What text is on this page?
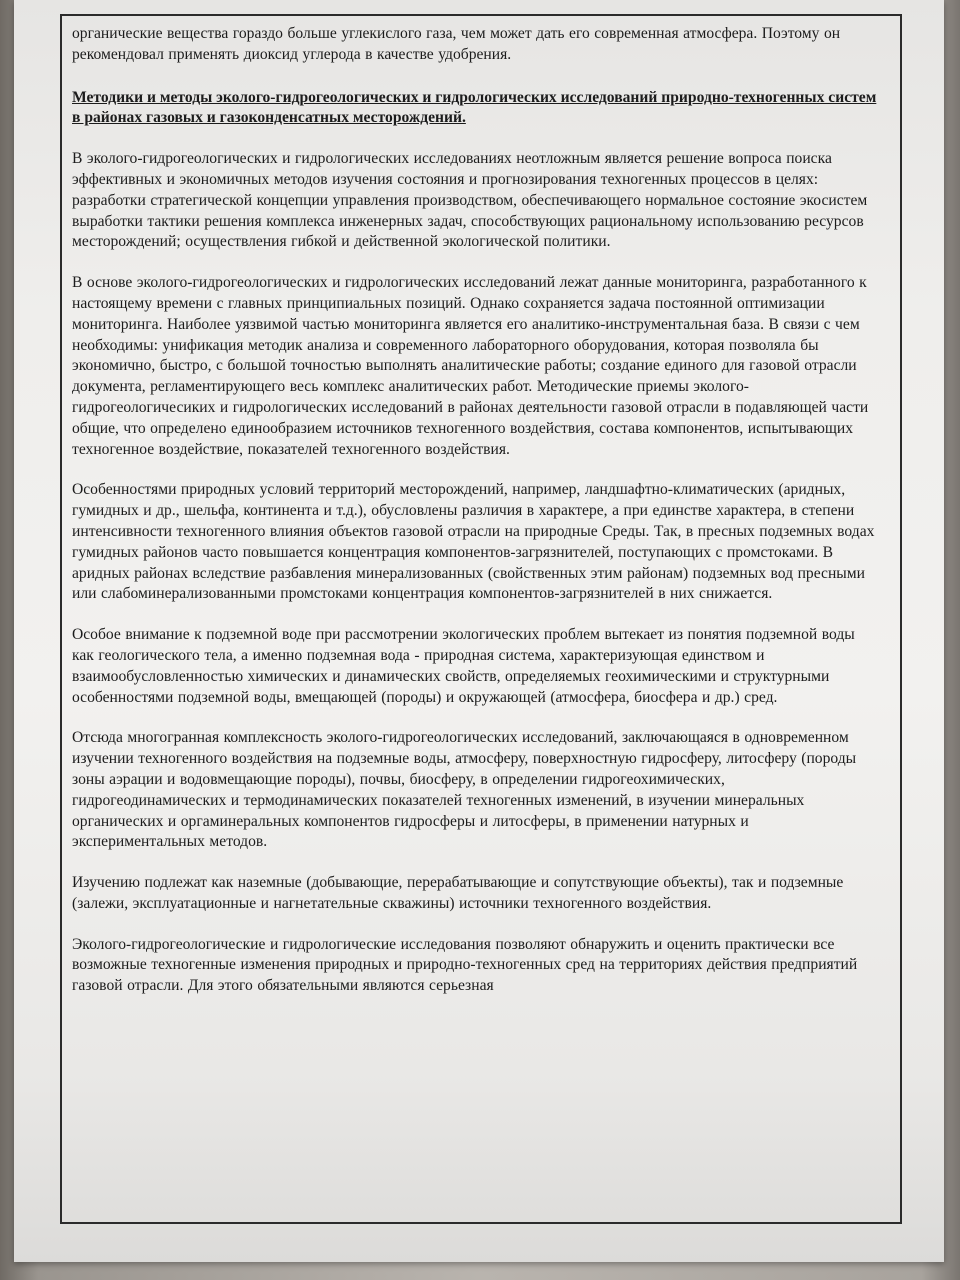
органические вещества гораздо больше углекислого газа, чем может дать его современная атмосфера. Поэтому он рекомендовал применять диоксид углерода в качестве удобрения.

Методики и методы эколого-гидрогеологических и гидрологических исследований природно-техногенных систем в районах газовых и газоконденсатных месторождений.

В эколого-гидрогеологических и гидрологических исследованиях неотложным является решение вопроса поиска эффективных и экономичных методов изучения состояния и прогнозирования техногенных процессов в целях: разработки стратегической концепции управления производством, обеспечивающего нормальное состояние экосистем выработки тактики решения комплекса инженерных задач, способствующих рациональному использованию ресурсов месторождений; осуществления гибкой и действенной экологической политики.

В основе эколого-гидрогеологических и гидрологических исследований лежат данные мониторинга, разработанного к настоящему времени с главных принципиальных позиций. Однако сохраняется задача постоянной оптимизации мониторинга. Наиболее уязвимой частью мониторинга является его аналитико-инструментальная база. В связи с чем необходимы: унификация методик анализа и современного лабораторного оборудования, которая позволяла бы экономично, быстро, с большой точностью выполнять аналитические работы; создание единого для газовой отрасли документа, регламентирующего весь комплекс аналитических работ. Методические приемы эколого-гидрогеологичесиких и гидрологических исследований в районах деятельности газовой отрасли в подавляющей части общие, что определено единообразием источников техногенного воздействия, состава компонентов, испытывающих техногенное воздействие, показателей техногенного воздействия.

Особенностями природных условий территорий месторождений, например, ландшафтно-климатических (аридных, гумидных и др., шельфа, континента и т.д.), обусловлены различия в характере, а при единстве характера, в степени интенсивности техногенного влияния объектов газовой отрасли на природные Среды. Так, в пресных подземных водах гумидных районов часто повышается концентрация компонентов-загрязнителей, поступающих с промстоками. В аридных районах вследствие разбавления минерализованных (свойственных этим районам) подземных вод пресными или слабоминерализованными промстоками концентрация компонентов-загрязнителей в них снижается.

Особое внимание к подземной воде при рассмотрении экологических проблем вытекает из понятия подземной воды как геологического тела, а именно подземная вода - природная система, характеризующая единством и взаимообусловленностью химических и динамических свойств, определяемых геохимическими и структурными особенностями подземной воды, вмещающей (породы) и окружающей (атмосфера, биосфера и др.) сред.

Отсюда многогранная комплексность эколого-гидрогеологических исследований, заключающаяся в одновременном изучении техногенного воздействия на подземные воды, атмосферу, поверхностную гидросферу, литосферу (породы зоны аэрации и водовмещающие породы), почвы, биосферу, в определении гидрогеохимических, гидрогеодинамических и термодинамических показателей техногенных изменений, в изучении минеральных органических и оргаминеральных компонентов гидросферы и литосферы, в применении натурных и экспериментальных методов.

Изучению подлежат как наземные (добывающие, перерабатывающие и сопутствующие объекты), так и подземные (залежи, эксплуатационные и нагнетательные скважины) источники техногенного воздействия.

Эколого-гидрогеологические и гидрологические исследования позволяют обнаружить и оценить практически все возможные техногенные изменения природных и природно-техногенных сред на территориях действия предприятий газовой отрасли. Для этого обязательными являются серьезная
